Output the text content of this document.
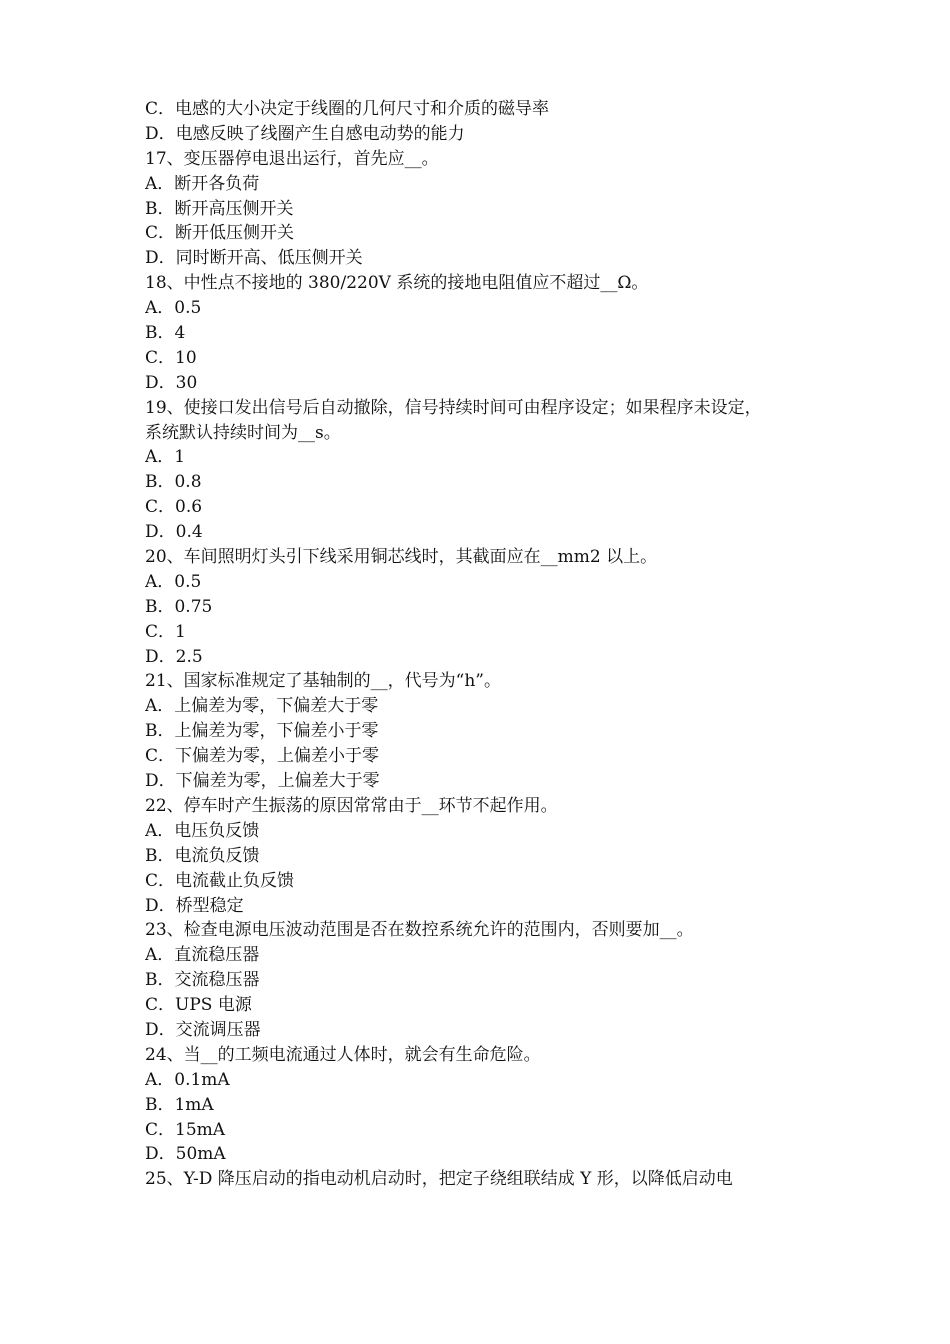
C．电感的大小决定于线圈的几何尺寸和介质的磁导率
D．电感反映了线圈产生自感电动势的能力
17、变压器停电退出运行，首先应__。
A．断开各负荷
B．断开高压侧开关
C．断开低压侧开关
D．同时断开高、低压侧开关
18、中性点不接地的 380/220V 系统的接地电阻值应不超过__Ω。
A．0.5
B．4
C．10
D．30
19、使接口发出信号后自动撤除，信号持续时间可由程序设定；如果程序未设定，
系统默认持续时间为__s。
A．1
B．0.8
C．0.6
D．0.4
20、车间照明灯头引下线采用铜芯线时，其截面应在__mm2 以上。
A．0.5
B．0.75
C．1
D．2.5
21、国家标准规定了基轴制的__，代号为“h”。
A．上偏差为零，下偏差大于零
B．上偏差为零，下偏差小于零
C．下偏差为零，上偏差小于零
D．下偏差为零，上偏差大于零
22、停车时产生振荡的原因常常由于__环节不起作用。
A．电压负反馈
B．电流负反馈
C．电流截止负反馈
D．桥型稳定
23、检查电源电压波动范围是否在数控系统允许的范围内，否则要加__。
A．直流稳压器
B．交流稳压器
C．UPS 电源
D．交流调压器
24、当__的工频电流通过人体时，就会有生命危险。
A．0.1mA
B．1mA
C．15mA
D．50mA
25、Y-D 降压启动的指电动机启动时，把定子绕组联结成 Y 形，以降低启动电
